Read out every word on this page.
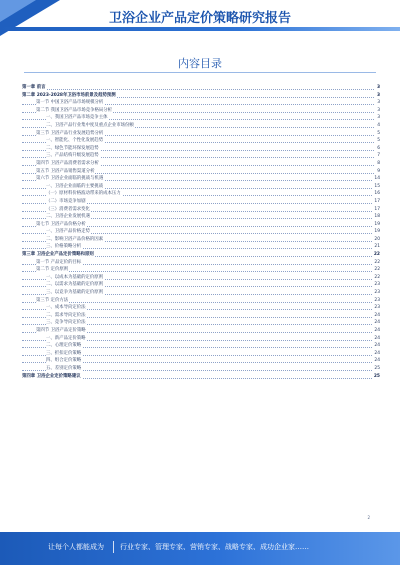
卫浴企业产品定价策略研究报告
内容目录
第一章 前言	3
第二章 2023-2028年卫浴市场前景及趋势预测	3
第一节 中国卫浴产品市场规模分析	3
第二节 我国卫浴产品市场竞争格局分析	3
一、我国卫浴产品市场竞争主体	3
二、卫浴产品行业集中度及重点企业市场份额	4
第三节 卫浴产品行业发展趋势分析	5
一、智能化、个性化发展趋势	5
二、绿色节能环保发展趋势	6
三、产品结构升级发展趋势	7
第四节 卫浴产品消费者需求分析	8
第五节 卫浴产品销售渠道分析	9
第六节 卫浴企业面临的挑战与机遇	14
一、卫浴企业面临的主要挑战	15
（一）原材料价格波动带来的成本压力	16
（二）市场竞争加剧	17
（三）消费者需求变化	17
二、卫浴企业发展机遇	18
第七节 卫浴产品价格分析	19
一、卫浴产品价格走势	19
二、影响卫浴产品价格的因素	20
三、价格策略分析	21
第三章 卫浴企业产品定价策略和原则	22
第一节 产品定价的目标	22
第二节 定价原则	22
一、以成本为基础的定价原则	22
二、以需求为基础的定价原则	23
三、以竞争为基础的定价原则	23
第三节 定价方法	23
一、成本导向定价法	23
二、需求导向定价法	24
三、竞争导向定价法	24
第四节 卫浴产品定价策略	24
一、新产品定价策略	24
二、心理定价策略	24
三、折扣定价策略	24
四、组合定价策略	24
五、差别定价策略	25
第四章 卫浴企业定价策略建议	25
2
让每个人都能成为 行业专家、管理专家、营销专家、战略专家、成功企业家……
